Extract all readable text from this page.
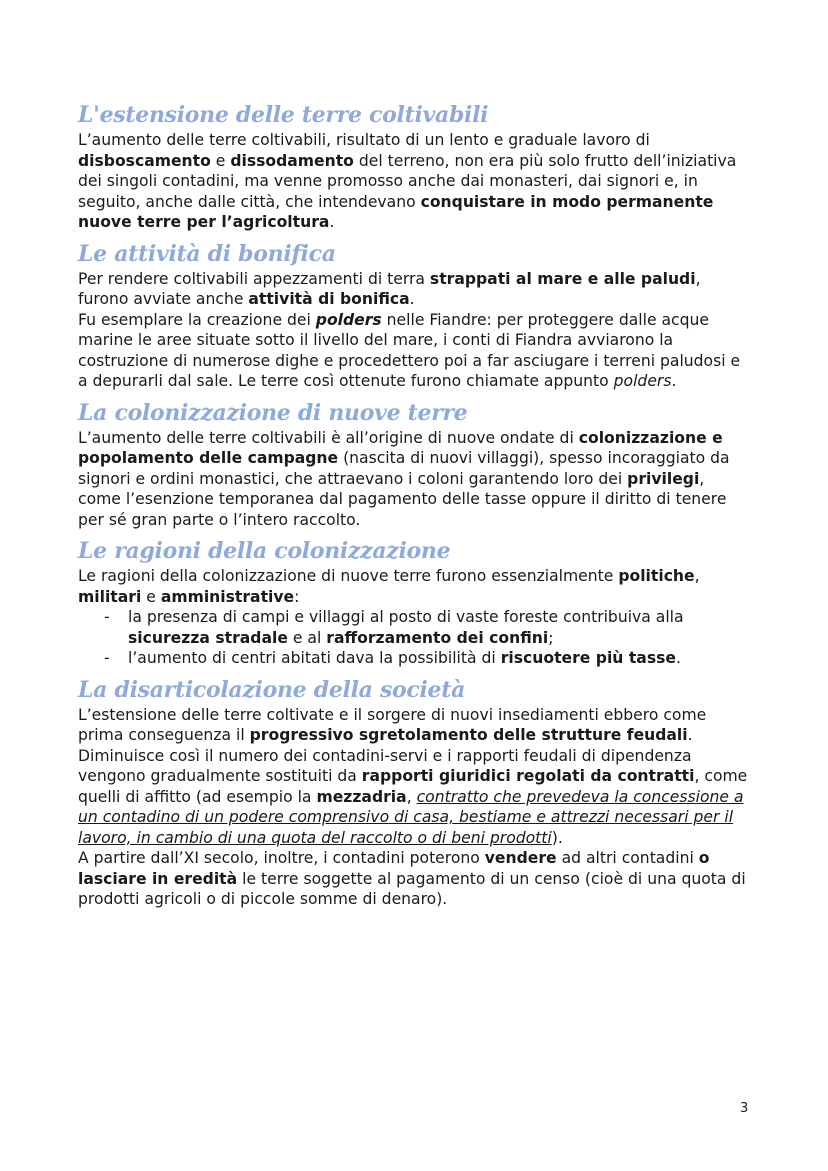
L'estensione delle terre coltivabili

L’aumento delle terre coltivabili, risultato di un lento e graduale lavoro di disboscamento e dissodamento del terreno, non era più solo frutto dell’iniziativa dei singoli contadini, ma venne promosso anche dai monasteri, dai signori e, in seguito, anche dalle città, che intendevano conquistare in modo permanente nuove terre per l’agricoltura.

Le attività di bonifica

Per rendere coltivabili appezzamenti di terra strappati al mare e alle paludi, furono avviate anche attività di bonifica.

Fu esemplare la creazione dei polders nelle Fiandre: per proteggere dalle acque marine le aree situate sotto il livello del mare, i conti di Fiandra avviarono la costruzione di numerose dighe e procedettero poi a far asciugare i terreni paludosi e a depurarli dal sale. Le terre così ottenute furono chiamate appunto polders.

La colonizzazione di nuove terre

L’aumento delle terre coltivabili è all’origine di nuove ondate di colonizzazione e popolamento delle campagne (nascita di nuovi villaggi), spesso incoraggiato da signori e ordini monastici, che attraevano i coloni garantendo loro dei privilegi, come l’esenzione temporanea dal pagamento delle tasse oppure il diritto di tenere per sé gran parte o l’intero raccolto.

Le ragioni della colonizzazione

Le ragioni della colonizzazione di nuove terre furono essenzialmente politiche, militari e amministrative:

- la presenza di campi e villaggi al posto di vaste foreste contribuiva alla sicurezza stradale e al rafforzamento dei confini;
- l’aumento di centri abitati dava la possibilità di riscuotere più tasse.
La disarticolazione della società

L’estensione delle terre coltivate e il sorgere di nuovi insediamenti ebbero come prima conseguenza il progressivo sgretolamento delle strutture feudali. Diminuisce così il numero dei contadini-servi e i rapporti feudali di dipendenza vengono gradualmente sostituiti da rapporti giuridici regolati da contratti, come quelli di affitto (ad esempio la mezzadria, contratto che prevedeva la concessione a un contadino di un podere comprensivo di casa, bestiame e attrezzi necessari per il lavoro, in cambio di una quota del raccolto o di beni prodotti).

A partire dall’XI secolo, inoltre, i contadini poterono vendere ad altri contadini o lasciare in eredità le terre soggette al pagamento di un censo (cioè di una quota di prodotti agricoli o di piccole somme di denaro).

3
